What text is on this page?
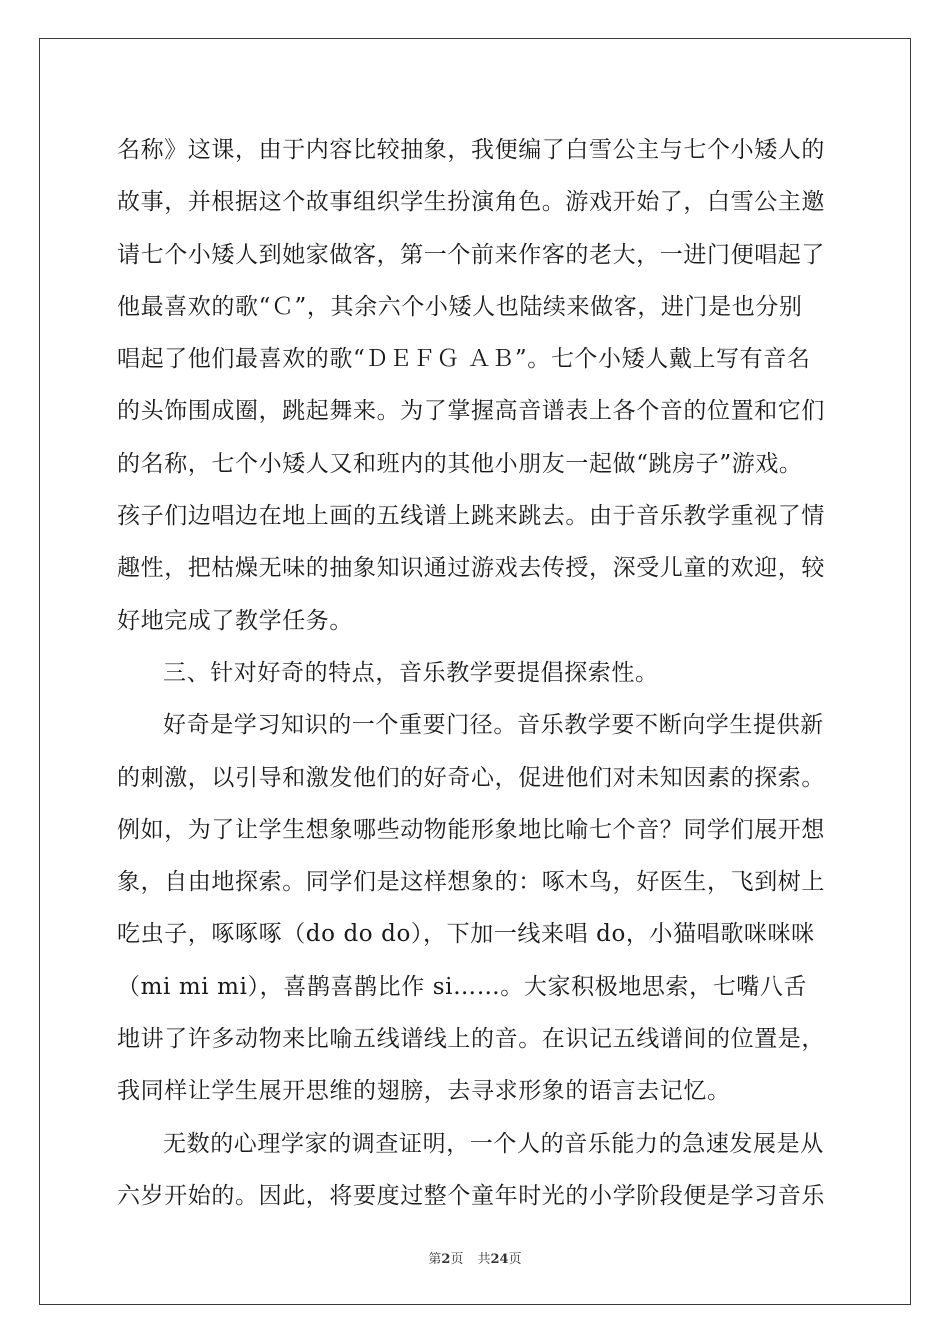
名称》这课，由于内容比较抽象，我便编了白雪公主与七个小矮人的
故事，并根据这个故事组织学生扮演角色。游戏开始了，白雪公主邀
请七个小矮人到她家做客，第一个前来作客的老大，一进门便唱起了
他最喜欢的歌“Ｃ”，其余六个小矮人也陆续来做客，进门是也分别
唱起了他们最喜欢的歌“ＤＥＦＧ ＡＢ”。七个小矮人戴上写有音名
的头饰围成圈，跳起舞来。为了掌握高音谱表上各个音的位置和它们
的名称，七个小矮人又和班内的其他小朋友一起做“跳房子”游戏。
孩子们边唱边在地上画的五线谱上跳来跳去。由于音乐教学重视了情
趣性，把枯燥无味的抽象知识通过游戏去传授，深受儿童的欢迎，较
好地完成了教学任务。
三、针对好奇的特点，音乐教学要提倡探索性。
好奇是学习知识的一个重要门径。音乐教学要不断向学生提供新
的刺激，以引导和激发他们的好奇心，促进他们对未知因素的探索。
例如，为了让学生想象哪些动物能形象地比喻七个音？同学们展开想
象，自由地探索。同学们是这样想象的：啄木鸟，好医生，飞到树上
吃虫子，啄啄啄（do do do），下加一线来唱 do，小猫唱歌咪咪咪
（mi mi mi），喜鹊喜鹊比作 si……。大家积极地思索，七嘴八舌
地讲了许多动物来比喻五线谱线上的音。在识记五线谱间的位置是，
我同样让学生展开思维的翅膀，去寻求形象的语言去记忆。
无数的心理学家的调查证明，一个人的音乐能力的急速发展是从
六岁开始的。因此，将要度过整个童年时光的小学阶段便是学习音乐
第2页 共24页
